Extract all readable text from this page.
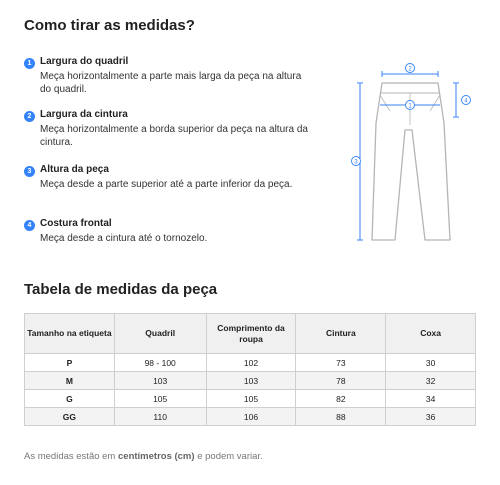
Como tirar as medidas?
1 Largura do quadril
Meça horizontalmente a parte mais larga da peça na altura do quadril.
2 Largura da cintura
Meça horizontalmente a borda superior da peça na altura da cintura.
3 Altura da peça
Meça desde a parte superior até a parte inferior da peça.
4 Costura frontal
Meça desde a cintura até o tornozelo.
2
1
3
4
Tabela de medidas da peça
Tamanho na etiqueta	Quadril	Comprimento da roupa	Cintura	Coxa
P	98 - 100	102	73	30
M	103	103	78	32
G	105	105	82	34
GG	110	106	88	36
As medidas estão em centímetros (cm) e podem variar.
